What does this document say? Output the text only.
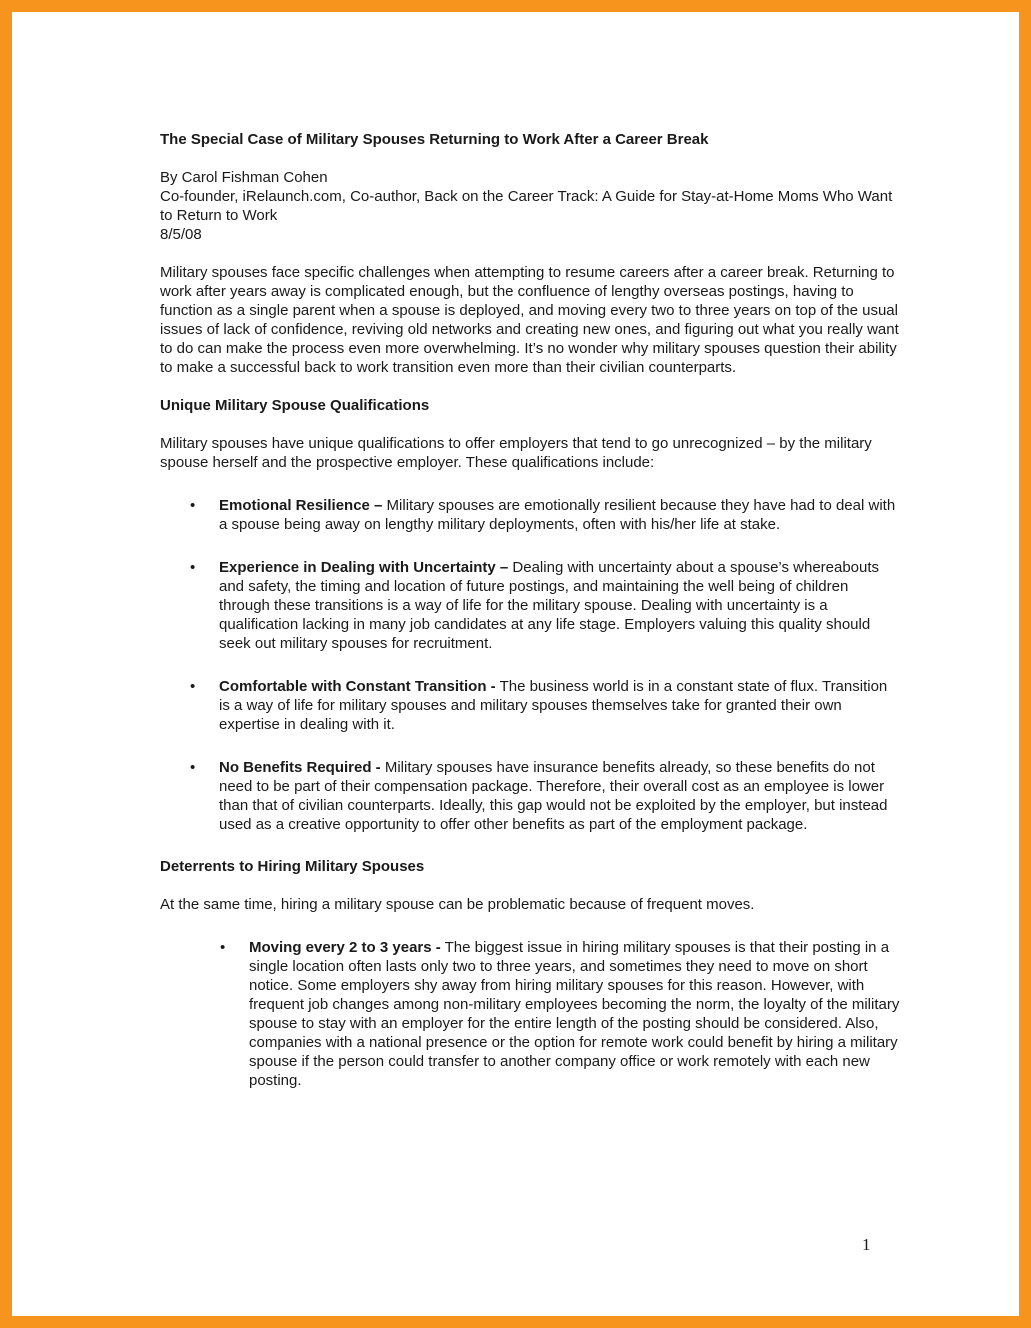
The Special Case of Military Spouses Returning to Work After a Career Break

By Carol Fishman Cohen

Co-founder, iRelaunch.com, Co-author, Back on the Career Track: A Guide for Stay-at-Home Moms Who Want to Return to Work

8/5/08

Military spouses face specific challenges when attempting to resume careers after a career break. Returning to work after years away is complicated enough, but the confluence of lengthy overseas postings, having to function as a single parent when a spouse is deployed, and moving every two to three years on top of the usual issues of lack of confidence, reviving old networks and creating new ones, and figuring out what you really want to do can make the process even more overwhelming. It’s no wonder why military spouses question their ability to make a successful back to work transition even more than their civilian counterparts.

Unique Military Spouse Qualifications

Military spouses have unique qualifications to offer employers that tend to go unrecognized – by the military spouse herself and the prospective employer. These qualifications include:

• Emotional Resilience – Military spouses are emotionally resilient because they have had to deal with a spouse being away on lengthy military deployments, often with his/her life at stake.
• Experience in Dealing with Uncertainty – Dealing with uncertainty about a spouse’s whereabouts and safety, the timing and location of future postings, and maintaining the well being of children through these transitions is a way of life for the military spouse. Dealing with uncertainty is a qualification lacking in many job candidates at any life stage. Employers valuing this quality should seek out military spouses for recruitment.
• Comfortable with Constant Transition - The business world is in a constant state of flux. Transition is a way of life for military spouses and military spouses themselves take for granted their own expertise in dealing with it.
• No Benefits Required - Military spouses have insurance benefits already, so these benefits do not need to be part of their compensation package. Therefore, their overall cost as an employee is lower than that of civilian counterparts. Ideally, this gap would not be exploited by the employer, but instead used as a creative opportunity to offer other benefits as part of the employment package.
Deterrents to Hiring Military Spouses

At the same time, hiring a military spouse can be problematic because of frequent moves.

• Moving every 2 to 3 years - The biggest issue in hiring military spouses is that their posting in a single location often lasts only two to three years, and sometimes they need to move on short notice. Some employers shy away from hiring military spouses for this reason. However, with frequent job changes among non-military employees becoming the norm, the loyalty of the military spouse to stay with an employer for the entire length of the posting should be considered. Also, companies with a national presence or the option for remote work could benefit by hiring a military spouse if the person could transfer to another company office or work remotely with each new posting.
1
